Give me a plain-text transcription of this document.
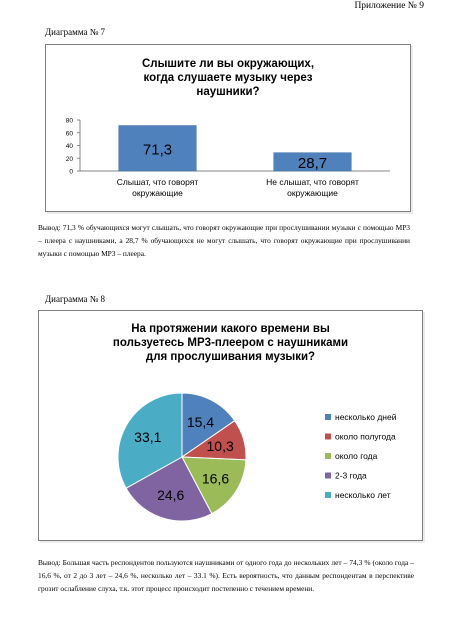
Приложение № 9
Диаграмма № 7
Слышите ли вы окружающих,
когда слушаете музыку через
наушники?
0
20
40
60
80
71,3
Слышат, что говорят
окружающие
28,7
Не слышат, что говорят
окружающие
Вывод: 71,3 % обучающихся могут слышать, что говорят окружающие при прослушивании музыки с помощью МР3 – плеера с наушниками, а 28,7 % обучающихся не могут слышать, что говорят окружающие при прослушивании музыки с помощью МР3 – плеера.
Диаграмма № 8
На протяжении какого времени вы
пользуетесь МР3-плеером с наушниками
для прослушивания музыки?
15,4
10,3
16,6
24,6
33,1
несколько дней
около полугода
около года
2-3 года
несколько лет
Вывод: Большая часть респондентов пользуются наушниками от одного года до нескольких лет – 74,3 % (около года – 16,6 %, от 2 до 3 лет – 24,6 %, несколько лет – 33.1 %). Есть вероятность, что данным респондентам в перспективе грозит ослабление слуха, т.к. этот процесс происходит постепенно с течением времени.
